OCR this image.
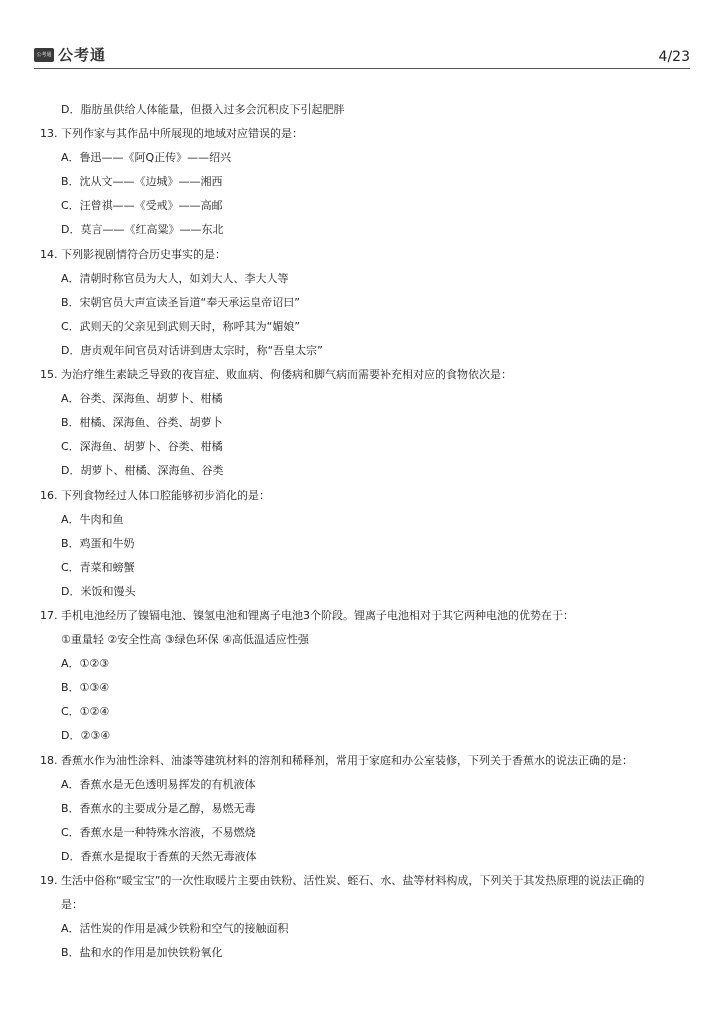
公考通 公考通	4/23
D．脂肪虽供给人体能量，但摄入过多会沉积皮下引起肥胖
13. 下列作家与其作品中所展现的地域对应错误的是：
A．鲁迅——《阿Q正传》——绍兴
B．沈从文——《边城》——湘西
C．汪曾祺——《受戒》——高邮
D．莫言——《红高粱》——东北
14. 下列影视剧情符合历史事实的是：
A．清朝时称官员为大人，如刘大人、李大人等
B．宋朝官员大声宣读圣旨道“奉天承运皇帝诏曰”
C．武则天的父亲见到武则天时，称呼其为“媚娘”
D．唐贞观年间官员对话讲到唐太宗时，称“吾皇太宗”
15. 为治疗维生素缺乏导致的夜盲症、败血病、佝偻病和脚气病而需要补充相对应的食物依次是：
A．谷类、深海鱼、胡萝卜、柑橘
B．柑橘、深海鱼、谷类、胡萝卜
C．深海鱼、胡萝卜、谷类、柑橘
D．胡萝卜、柑橘、深海鱼、谷类
16. 下列食物经过人体口腔能够初步消化的是：
A．牛肉和鱼
B．鸡蛋和牛奶
C．青菜和螃蟹
D．米饭和馒头
17. 手机电池经历了镍镉电池、镍氢电池和锂离子电池3个阶段。锂离子电池相对于其它两种电池的优势在于：
①重量轻 ②安全性高 ③绿色环保 ④高低温适应性强
A．①②③
B．①③④
C．①②④
D．②③④
18. 香蕉水作为油性涂料、油漆等建筑材料的溶剂和稀释剂，常用于家庭和办公室装修，下列关于香蕉水的说法正确的是：
A．香蕉水是无色透明易挥发的有机液体
B．香蕉水的主要成分是乙醇，易燃无毒
C．香蕉水是一种特殊水溶液，不易燃烧
D．香蕉水是提取于香蕉的天然无毒液体
19. 生活中俗称“暖宝宝”的一次性取暖片主要由铁粉、活性炭、蛭石、水、盐等材料构成，下列关于其发热原理的说法正确的
是：
A．活性炭的作用是减少铁粉和空气的接触面积
B．盐和水的作用是加快铁粉氧化
